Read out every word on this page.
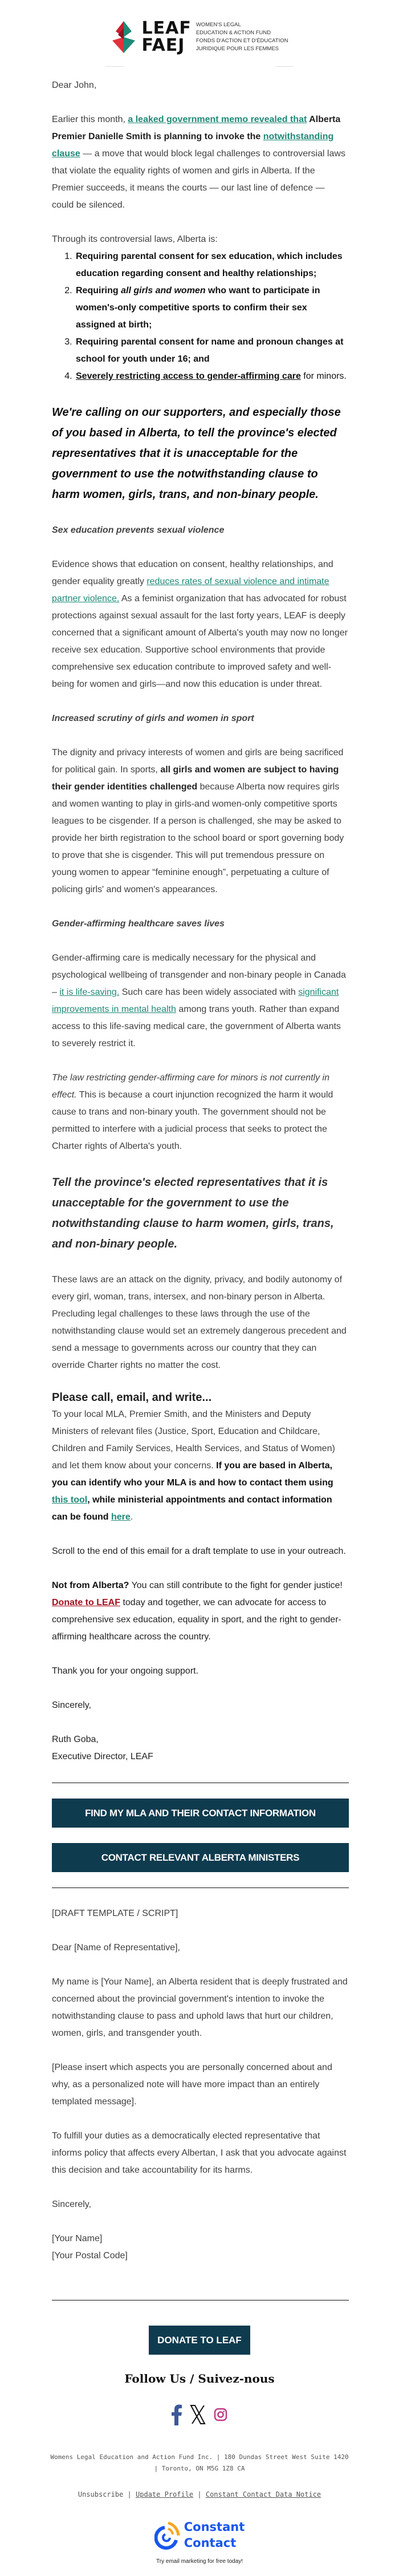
LEAF
FAEJ
WOMEN'S LEGAL
EDUCATION & ACTION FUND
FONDS D'ACTION ET D'ÉDUCATION
JURIDIQUE POUR LES FEMMES

Dear John,

Earlier this month, a leaked government memo revealed that Alberta Premier Danielle Smith is planning to invoke the notwithstanding clause — a move that would block legal challenges to controversial laws that violate the equality rights of women and girls in Alberta. If the Premier succeeds, it means the courts — our last line of defence — could be silenced.

Through its controversial laws, Alberta is:
1. Requiring parental consent for sex education, which includes education regarding consent and healthy relationships;
2. Requiring all girls and women who want to participate in women's-only competitive sports to confirm their sex assigned at birth;
3. Requiring parental consent for name and pronoun changes at school for youth under 16; and
4. Severely restricting access to gender-affirming care for minors.
We're calling on our supporters, and especially those of you based in Alberta, to tell the province's elected representatives that it is unacceptable for the government to use the notwithstanding clause to harm women, girls, trans, and non-binary people.

Sex education prevents sexual violence

Evidence shows that education on consent, healthy relationships, and gender equality greatly reduces rates of sexual violence and intimate partner violence. As a feminist organization that has advocated for robust protections against sexual assault for the last forty years, LEAF is deeply concerned that a significant amount of Alberta's youth may now no longer receive sex education. Supportive school environments that provide comprehensive sex education contribute to improved safety and well-being for women and girls—and now this education is under threat.

Increased scrutiny of girls and women in sport

The dignity and privacy interests of women and girls are being sacrificed for political gain. In sports, all girls and women are subject to having their gender identities challenged because Alberta now requires girls and women wanting to play in girls-and women-only competitive sports leagues to be cisgender. If a person is challenged, she may be asked to provide her birth registration to the school board or sport governing body to prove that she is cisgender. This will put tremendous pressure on young women to appear “feminine enough”, perpetuating a culture of policing girls' and women's appearances.

Gender-affirming healthcare saves lives

Gender-affirming care is medically necessary for the physical and psychological wellbeing of transgender and non-binary people in Canada – it is life-saving. Such care has been widely associated with significant improvements in mental health among trans youth. Rather than expand access to this life-saving medical care, the government of Alberta wants to severely restrict it.

The law restricting gender-affirming care for minors is not currently in effect. This is because a court injunction recognized the harm it would cause to trans and non-binary youth. The government should not be permitted to interfere with a judicial process that seeks to protect the Charter rights of Alberta's youth.

Tell the province's elected representatives that it is unacceptable for the government to use the notwithstanding clause to harm women, girls, trans, and non-binary people.

These laws are an attack on the dignity, privacy, and bodily autonomy of every girl, woman, trans, intersex, and non-binary person in Alberta. Precluding legal challenges to these laws through the use of the notwithstanding clause would set an extremely dangerous precedent and send a message to governments across our country that they can override Charter rights no matter the cost.

Please call, email, and write...

To your local MLA, Premier Smith, and the Ministers and Deputy Ministers of relevant files (Justice, Sport, Education and Childcare, Children and Family Services, Health Services, and Status of Women) and let them know about your concerns. If you are based in Alberta, you can identify who your MLA is and how to contact them using this tool, while ministerial appointments and contact information can be found here.

Scroll to the end of this email for a draft template to use in your outreach.

Not from Alberta? You can still contribute to the fight for gender justice! Donate to LEAF today and together, we can advocate for access to comprehensive sex education, equality in sport, and the right to gender-affirming healthcare across the country.

Thank you for your ongoing support.

Sincerely,

Ruth Goba,
Executive Director, LEAF
FIND MY MLA AND THEIR CONTACT INFORMATION
CONTACT RELEVANT ALBERTA MINISTERS

[DRAFT TEMPLATE / SCRIPT]

Dear [Name of Representative],

My name is [Your Name], an Alberta resident that is deeply frustrated and concerned about the provincial government's intention to invoke the notwithstanding clause to pass and uphold laws that hurt our children, women, girls, and transgender youth.

[Please insert which aspects you are personally concerned about and why, as a personalized note will have more impact than an entirely templated message].

To fulfill your duties as a democratically elected representative that informs policy that affects every Albertan, I ask that you advocate against this decision and take accountability for its harms.

Sincerely,

[Your Name]
[Your Postal Code]
DONATE TO LEAF
Follow Us / Suivez-nous
Womens Legal Education and Action Fund Inc. | 180 Dundas Street West Suite 1420
| Toronto, ON M5G 1Z8 CA
Unsubscribe | Update Profile | Constant Contact Data Notice
Constant
Contact
Try email marketing for free today!
